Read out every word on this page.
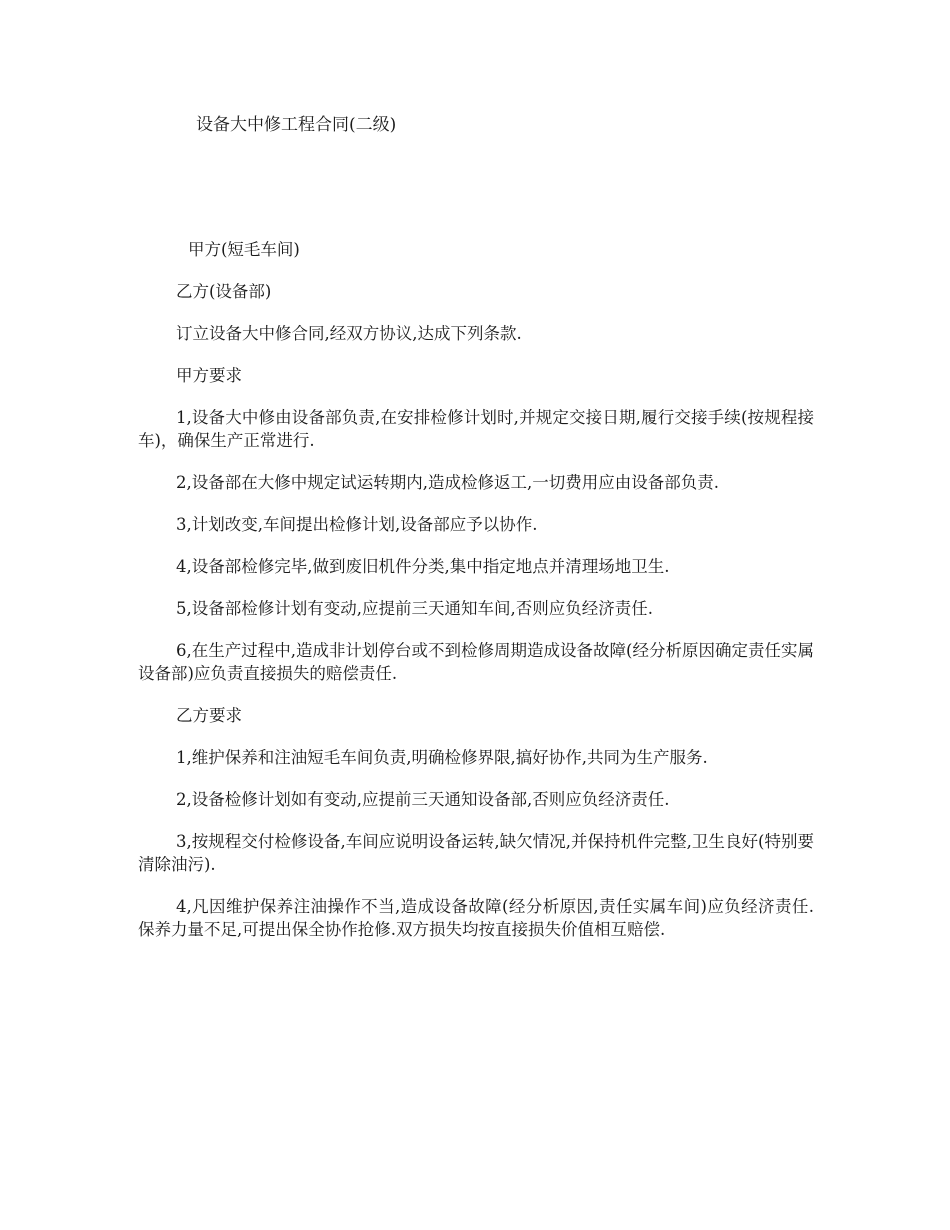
设备大中修工程合同(二级)

甲方(短毛车间)

乙方(设备部)

订立设备大中修合同,经双方协议,达成下列条款.

甲方要求

1,设备大中修由设备部负责,在安排检修计划时,并规定交接日期,履行交接手续(按规程接车)，确保生产正常进行.

2,设备部在大修中规定试运转期内,造成检修返工,一切费用应由设备部负责.

3,计划改变,车间提出检修计划,设备部应予以协作.

4,设备部检修完毕,做到废旧机件分类,集中指定地点并清理场地卫生.

5,设备部检修计划有变动,应提前三天通知车间,否则应负经济责任.

6,在生产过程中,造成非计划停台或不到检修周期造成设备故障(经分析原因确定责任实属设备部)应负责直接损失的赔偿责任.

乙方要求

1,维护保养和注油短毛车间负责,明确检修界限,搞好协作,共同为生产服务.

2,设备检修计划如有变动,应提前三天通知设备部,否则应负经济责任.

3,按规程交付检修设备,车间应说明设备运转,缺欠情况,并保持机件完整,卫生良好(特别要清除油污).

4,凡因维护保养注油操作不当,造成设备故障(经分析原因,责任实属车间)应负经济责任.保养力量不足,可提出保全协作抢修.双方损失均按直接损失价值相互赔偿.
